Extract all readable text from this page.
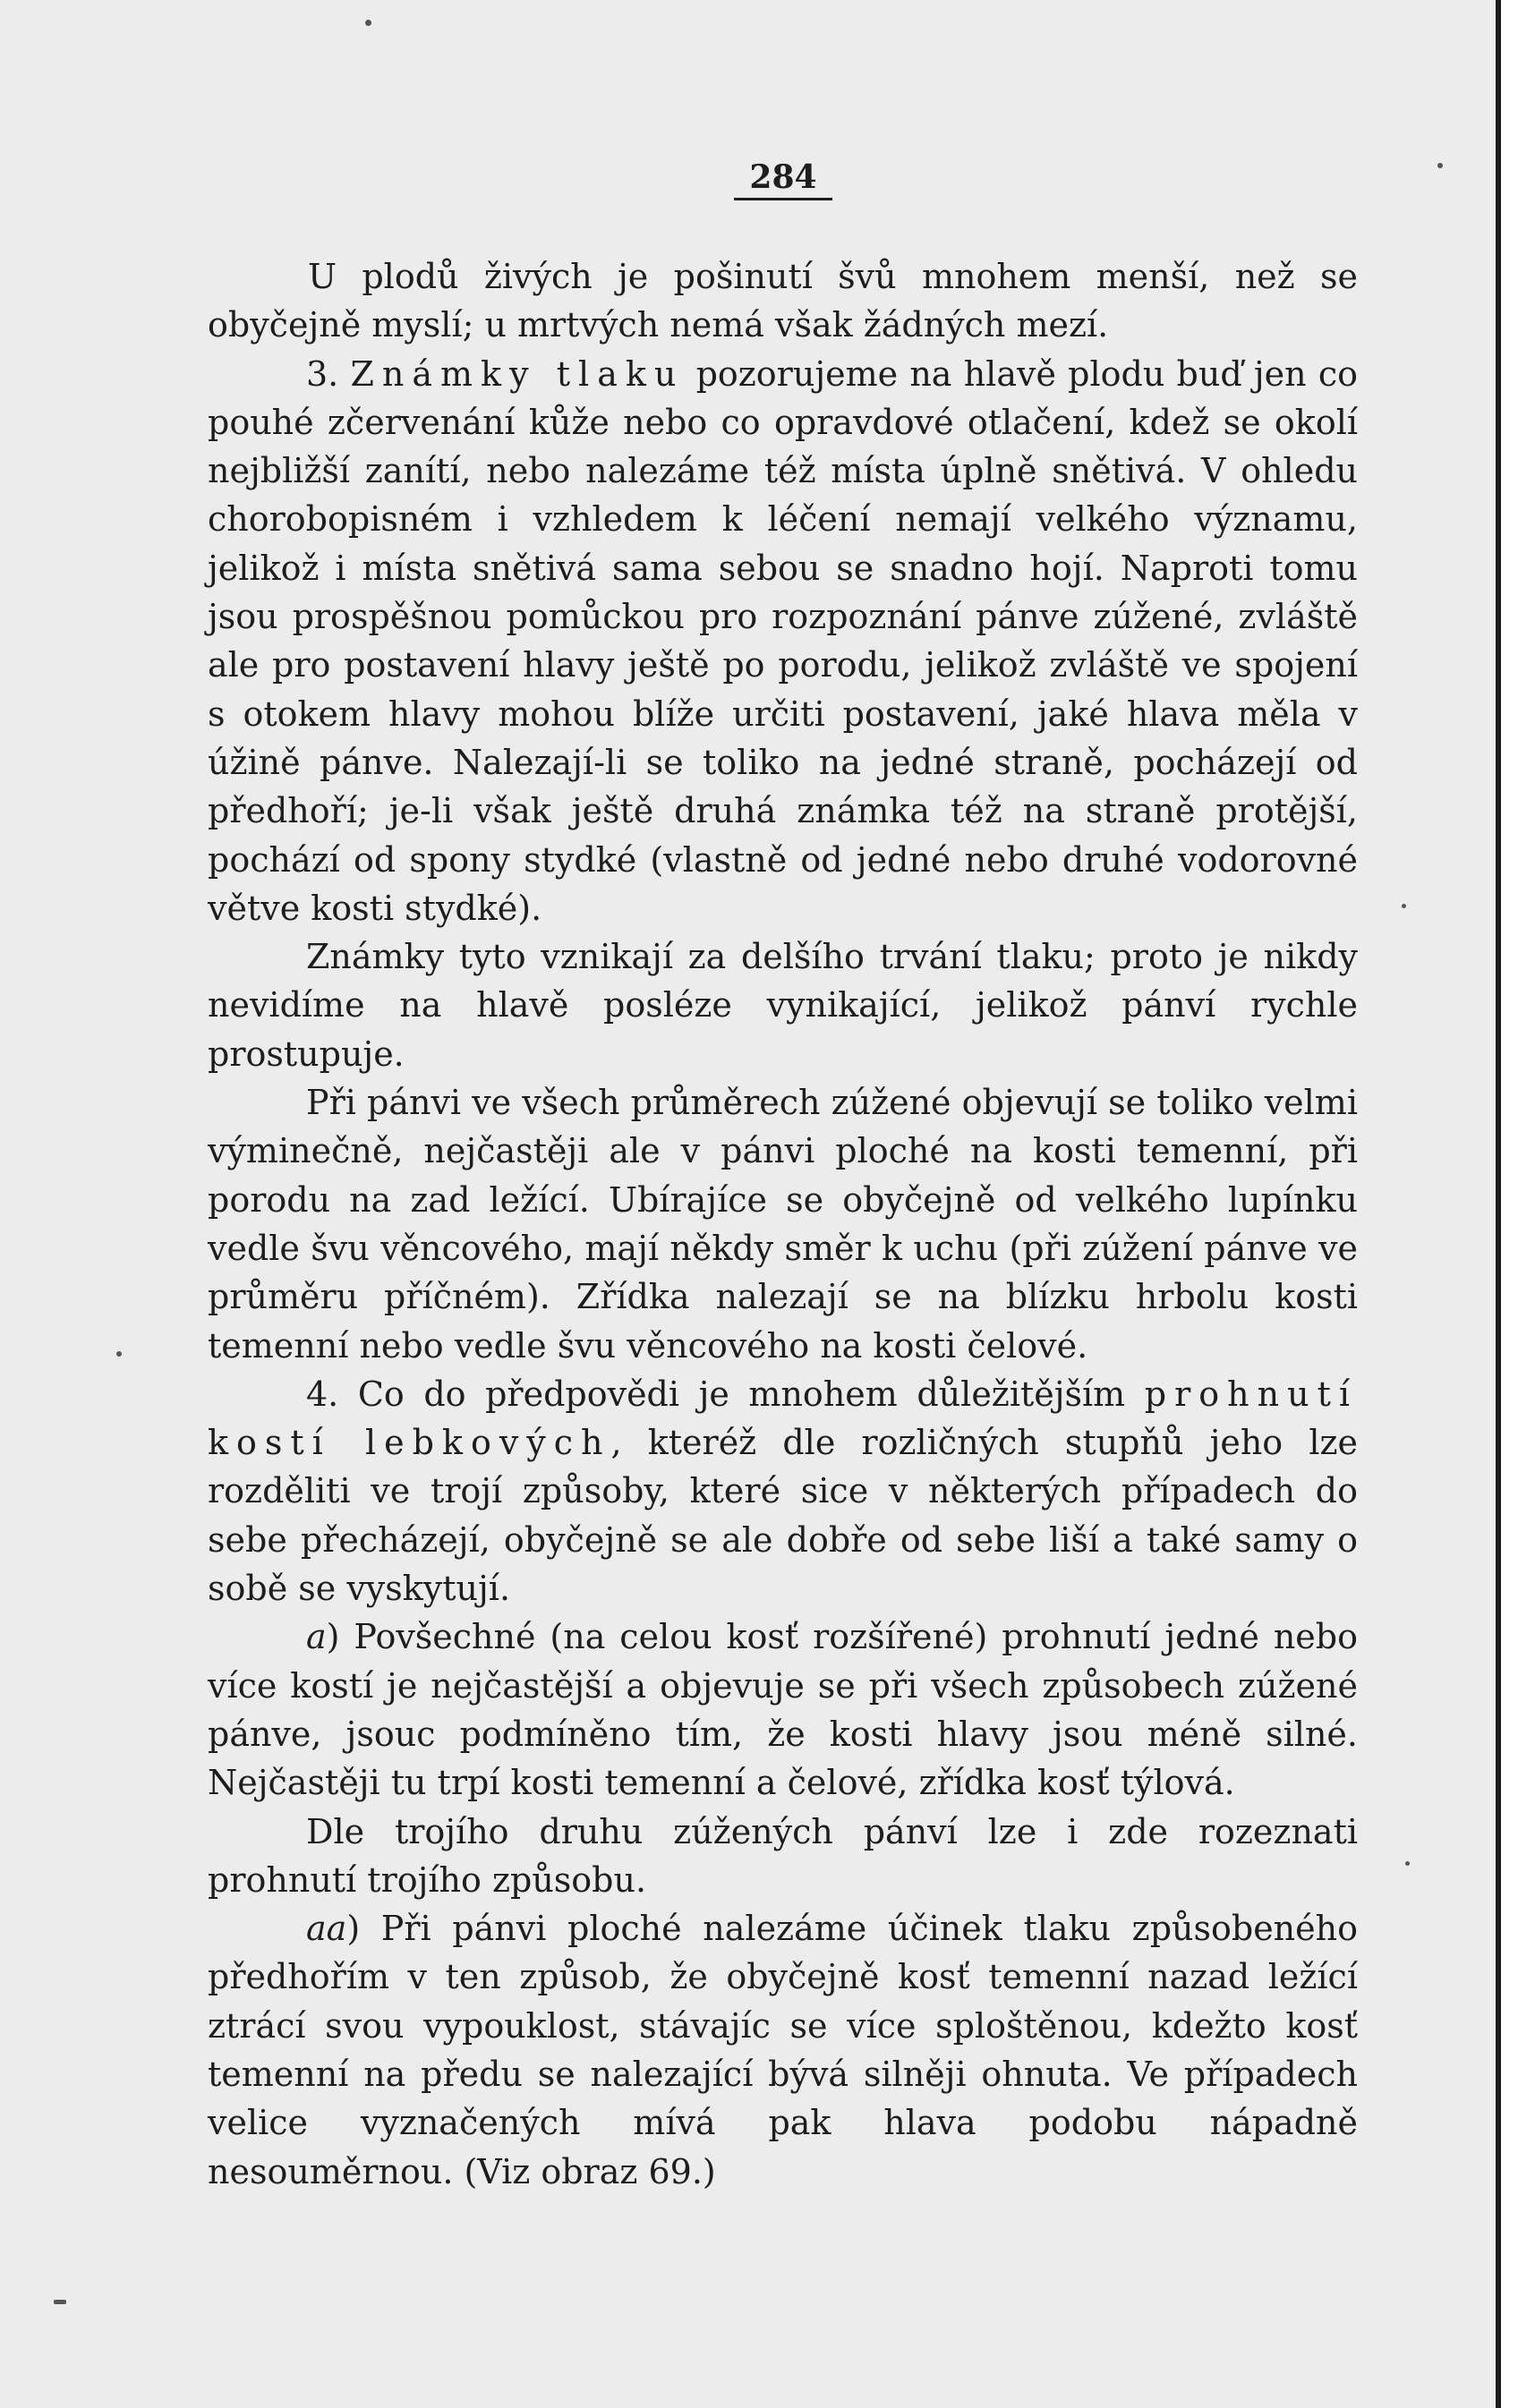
284

U plodů živých je pošinutí švů mnohem menší, než se obyčejně myslí; u mrtvých nemá však žádných mezí.

3. Známky tlaku pozorujeme na hlavě plodu buď jen co pouhé zčervenání kůže nebo co opravdové otlačení, kdež se okolí nejbližší zanítí, nebo nalezáme též místa úplně snětivá. V ohledu chorobopisném i vzhledem k léčení nemají velkého významu, jelikož i místa snětivá sama sebou se snadno hojí. Naproti tomu jsou prospěšnou pomůckou pro rozpoznání pánve zúžené, zvláště ale pro postavení hlavy ještě po porodu, jelikož zvláště ve spojení s otokem hlavy mohou blíže určiti postavení, jaké hlava měla v úžině pánve. Nalezají-li se toliko na jedné straně, pocházejí od předhoří; je-li však ještě druhá známka též na straně protější, pochází od spony stydké (vlastně od jedné nebo druhé vodorovné větve kosti stydké).

Známky tyto vznikají za delšího trvání tlaku; proto je nikdy nevidíme na hlavě posléze vynikající, jelikož pánví rychle prostupuje.

Při pánvi ve všech průměrech zúžené objevují se toliko velmi výminečně, nejčastěji ale v pánvi ploché na kosti temenní, při porodu na zad ležící. Ubírajíce se obyčejně od velkého lupínku vedle švu věncového, mají někdy směr k uchu (při zúžení pánve ve průměru příčném). Zřídka nalezají se na blízku hrbolu kosti temenní nebo vedle švu věncového na kosti čelové.

4. Co do předpovědi je mnohem důležitějším prohnutí kostí lebkových, kteréž dle rozličných stupňů jeho lze rozděliti ve trojí způsoby, které sice v některých případech do sebe přecházejí, obyčejně se ale dobře od sebe liší a také samy o sobě se vyskytují.

a) Povšechné (na celou kosť rozšířené) prohnutí jedné nebo více kostí je nejčastější a objevuje se při všech způsobech zúžené pánve, jsouc podmíněno tím, že kosti hlavy jsou méně silné. Nejčastěji tu trpí kosti temenní a čelové, zřídka kosť týlová.

Dle trojího druhu zúžených pánví lze i zde rozeznati prohnutí trojího způsobu.

aa) Při pánvi ploché nalezáme účinek tlaku způsobeného předhořím v ten způsob, že obyčejně kosť temenní nazad ležící ztrácí svou vypouklost, stávajíc se více sploštěnou, kdežto kosť temenní na předu se nalezající bývá silněji ohnuta. Ve případech velice vyznačených mívá pak hlava podobu nápadně nesouměrnou. (Viz obraz 69.)
